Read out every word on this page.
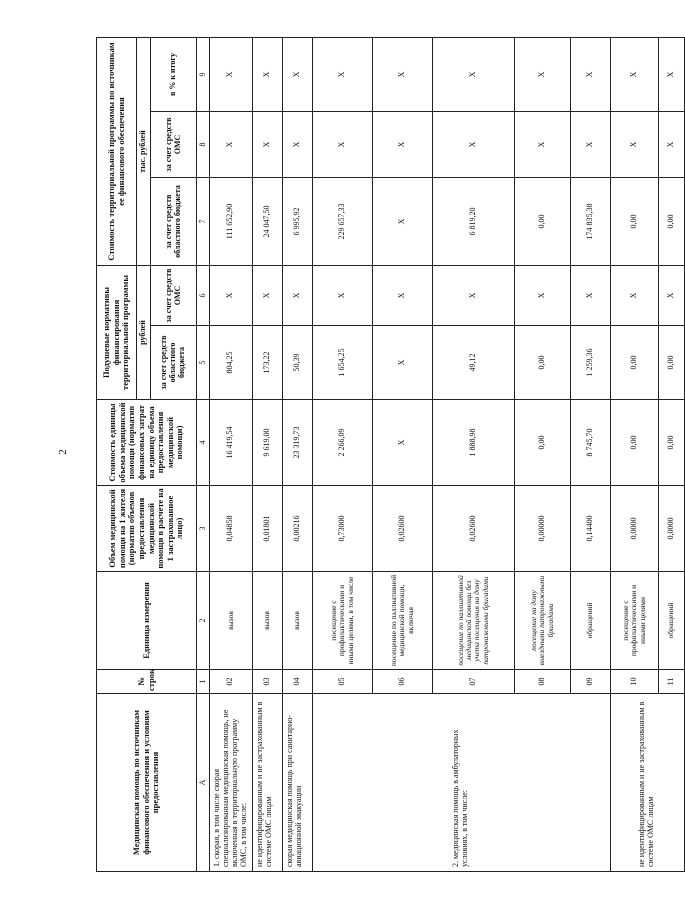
2
Медицинская помощь по источникам финансового обеспечения и условиям предоставления	№ строк	Единица измерения	Объем медицинской помощи на 1 жителя (норматив объемов предоставления медицинской помощи в расчете на 1 застрахованное лицо)	Стоимость единицы объема медицинской помощи (норматив финансовых затрат на единицу объема предоставления медицинской помощи)	Подушевые нормативы финансирования территориальной программы		Стоимость территориальной программы по источникам ее финансового обеспечения		
					рублей		тыс. рублей		
					за счет средств областного бюджета	за счет средств ОМС	за счет средств областного бюджета	за счет средств ОМС	в % к итогу
А	1	2	3	4	5	6	7	8	9
1. скорая, в том числе скорая специализированная медицинская помощь, не включенная в территориальную программу ОМС, в том числе:	02	вызов	0,04858	16 419,54	804,25	X	111 652,90	X	X
не идентифицированным и не застрахованным в системе ОМС лицам	03	вызов	0,01801	9 619,00	173,22	X	24 047,50	X	X
скорая медицинская помощь при санитарно-авиационной эвакуации	04	вызов	0,00216	23 319,73	50,39	X	6 995,92	X	X
2. медицинская помощь в амбулаторных условиях, в том числе:	05	посещение с профилактическими и иными целями, в том числе	0,73000	2 266,09	1 654,25	X	229 657,33	X	X
	06	посещение по паллиативной медицинской помощи, включая	0,02600	X	X	X	X	X	X
	07	посещение по паллиативной медицинской помощи без учета посещения на дому патронажными бригадами	0,02600	1 888,98	49,12	X	6 819,20	X	X
	08	посещение на дому выездными патронажными бригадами	0,00000	0,00	0,00	X	0,00	X	X
	09	обращений	0,14400	8 745,70	1 259,36	X	174 835,38	X	X
не идентифицированным и не застрахованным в системе ОМС лицам	10	посещение с профилактическими и иными целями	0,0000	0,00	0,00	X	0,00	X	X
	11	обращений	0,0000	0,00	0,00	X	0,00	X	X
